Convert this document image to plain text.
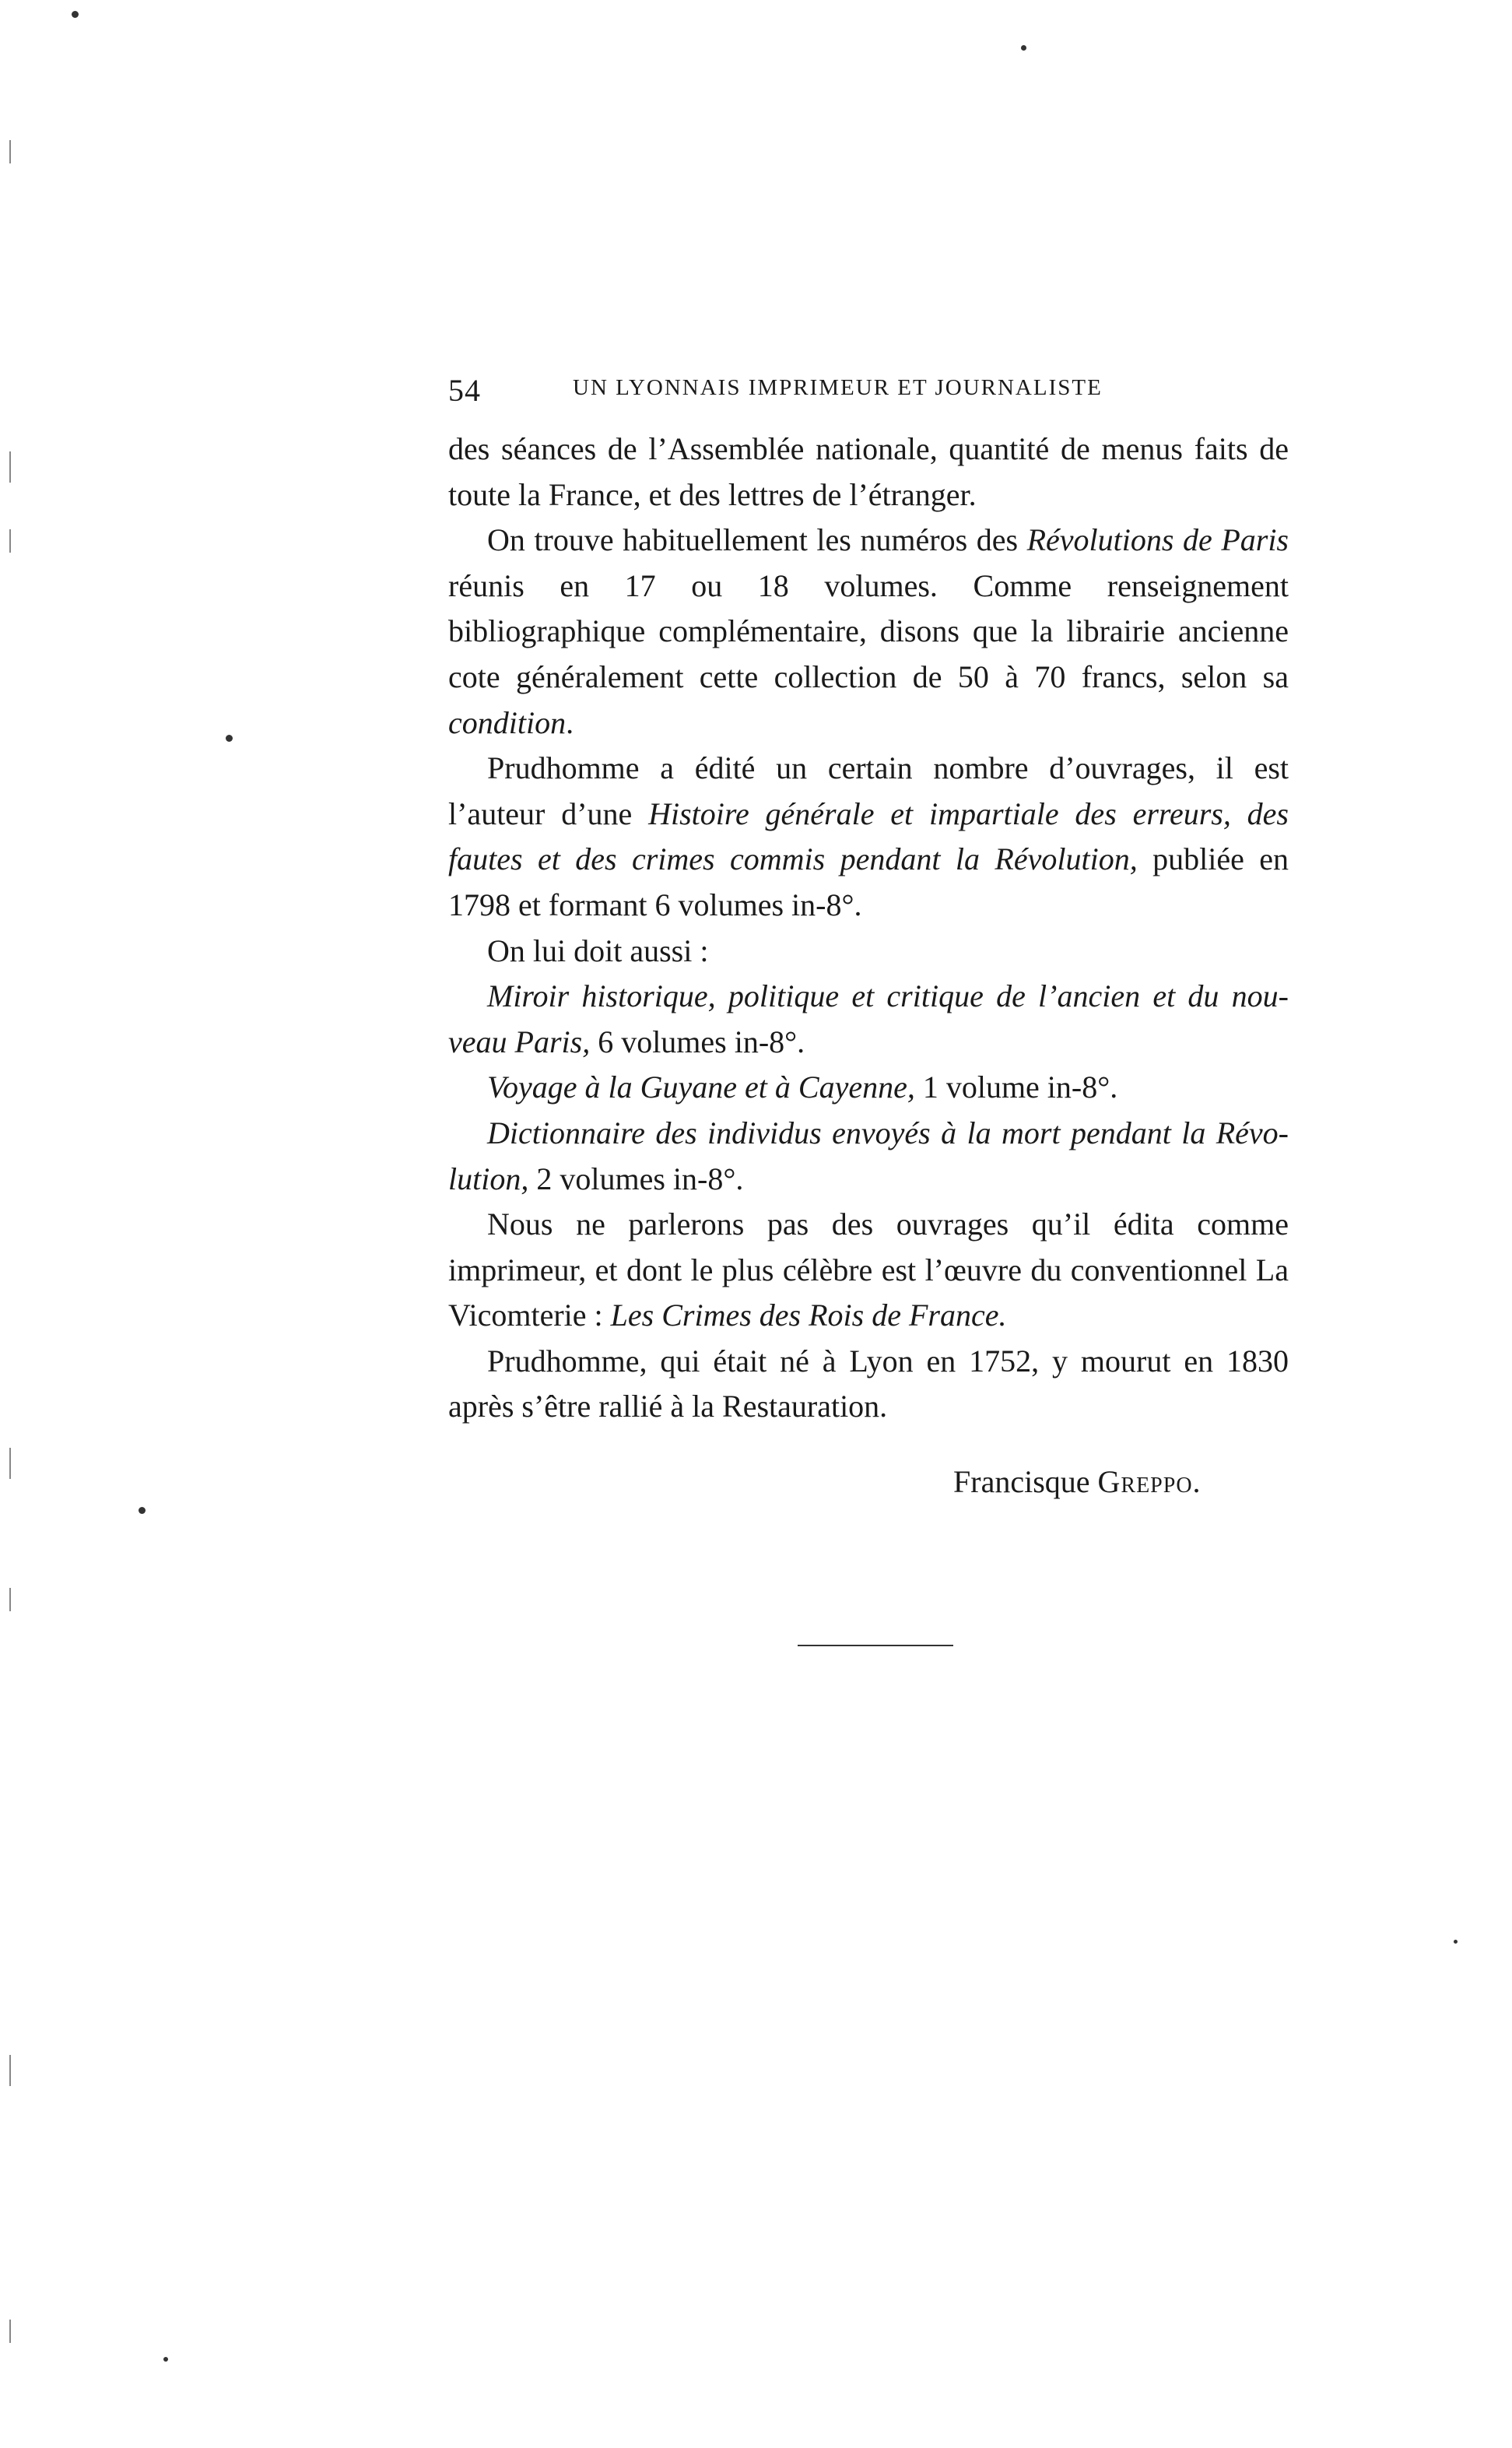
54	UN LYONNAIS IMPRIMEUR ET JOURNALISTE

des séances de l’Assemblée nationale, quantité de menus faits de toute la France, et des lettres de l’étranger.

On trouve habituellement les numéros des Révolutions de Paris réunis en 17 ou 18 volumes. Comme renseignement bibliographique complémentaire, disons que la librairie ancienne cote généralement cette collection de 50 à 70 francs, selon sa condition.

Prudhomme a édité un certain nombre d’ouvrages, il est l’auteur d’une Histoire générale et impartiale des erreurs, des fautes et des crimes commis pendant la Révolution, publiée en 1798 et formant 6 volumes in-8°.

On lui doit aussi :

Miroir historique, politique et critique de l’ancien et du nouveau Paris, 6 volumes in-8°.

Voyage à la Guyane et à Cayenne, 1 volume in-8°.

Dictionnaire des individus envoyés à la mort pendant la Révolution, 2 volumes in-8°.

Nous ne parlerons pas des ouvrages qu’il édita comme imprimeur, et dont le plus célèbre est l’œuvre du conventionnel La Vicomterie : Les Crimes des Rois de France.

Prudhomme, qui était né à Lyon en 1752, y mourut en 1830 après s’être rallié à la Restauration.

Francisque Greppo.
